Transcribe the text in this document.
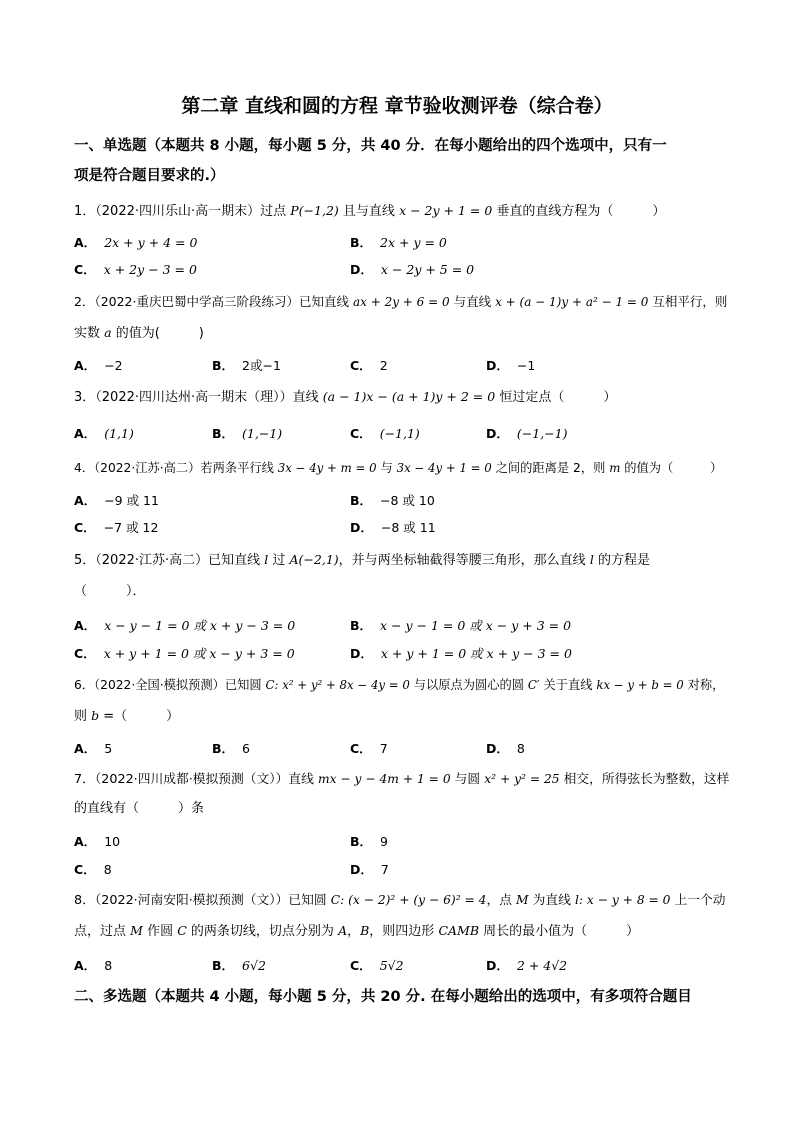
第二章 直线和圆的方程 章节验收测评卷（综合卷）
一、单选题（本题共 8 小题，每小题 5 分，共 40 分．在每小题给出的四个选项中，只有一
项是符合题目要求的.）
1．（2022·四川乐山·高一期末）过点 P(−1,2) 且与直线 x − 2y + 1 = 0 垂直的直线方程为（　　　）
A． 2x + y + 4 = 0	B． 2x + y = 0
C． x + 2y − 3 = 0	D． x − 2y + 5 = 0
2．（2022·重庆巴蜀中学高三阶段练习）已知直线 ax + 2y + 6 = 0 与直线 x + (a − 1)y + a² − 1 = 0 互相平行，则
实数 a 的值为(　　　)
A． −2	B． 2或−1	C． 2	D． −1
3．（2022·四川达州·高一期末（理））直线 (a − 1)x − (a + 1)y + 2 = 0 恒过定点（　　　）
A． (1,1)	B． (1,−1)	C． (−1,1)	D． (−1,−1)
4．（2022·江苏·高二）若两条平行线 3x − 4y + m = 0 与 3x − 4y + 1 = 0 之间的距离是 2，则 m 的值为（　　　）
A． −9 或 11	B． −8 或 10
C． −7 或 12	D． −8 或 11
5．（2022·江苏·高二）已知直线 l 过 A(−2,1)，并与两坐标轴截得等腰三角形，那么直线 l 的方程是
（　　　）．
A． x − y − 1 = 0 或 x + y − 3 = 0	B． x − y − 1 = 0 或 x − y + 3 = 0
C． x + y + 1 = 0 或 x − y + 3 = 0	D． x + y + 1 = 0 或 x + y − 3 = 0
6．（2022·全国·模拟预测）已知圆 C: x² + y² + 8x − 4y = 0 与以原点为圆心的圆 C′ 关于直线 kx − y + b = 0 对称，
则 b =（　　　）
A． 5	B． 6	C． 7	D． 8
7．（2022·四川成都·模拟预测（文））直线 mx − y − 4m + 1 = 0 与圆 x² + y² = 25 相交，所得弦长为整数，这样
的直线有（　　　）条
A． 10	B． 9
C． 8	D． 7
8．（2022·河南安阳·模拟预测（文））已知圆 C: (x − 2)² + (y − 6)² = 4，点 M 为直线 l: x − y + 8 = 0 上一个动
点，过点 M 作圆 C 的两条切线，切点分别为 A，B，则四边形 CAMB 周长的最小值为（　　　）
A． 8	B． 6√2	C． 5√2	D． 2 + 4√2
二、多选题（本题共 4 小题，每小题 5 分，共 20 分. 在每小题给出的选项中，有多项符合题目
